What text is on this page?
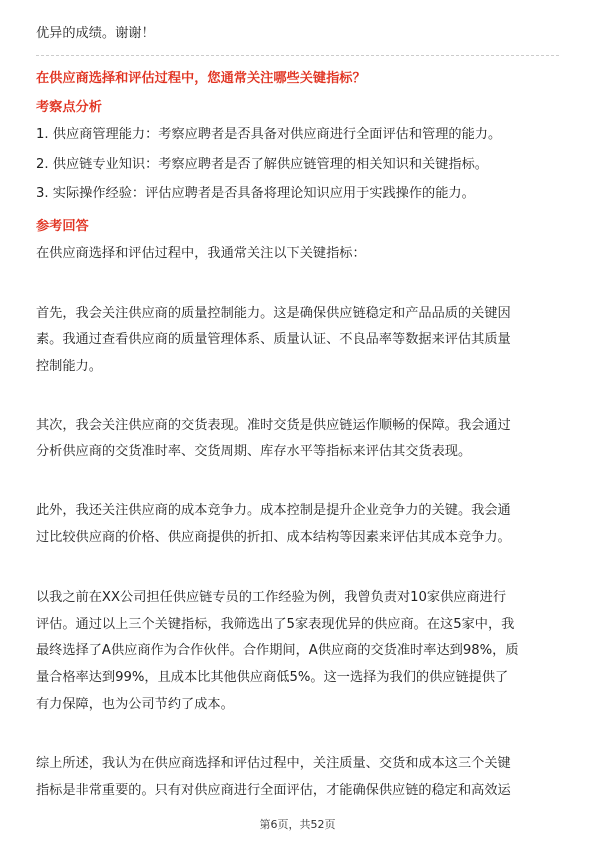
优异的成绩。谢谢！
在供应商选择和评估过程中，您通常关注哪些关键指标？
考察点分析
1. 供应商管理能力：考察应聘者是否具备对供应商进行全面评估和管理的能力。
2. 供应链专业知识：考察应聘者是否了解供应链管理的相关知识和关键指标。
3. 实际操作经验：评估应聘者是否具备将理论知识应用于实践操作的能力。
参考回答
在供应商选择和评估过程中，我通常关注以下关键指标：
首先，我会关注供应商的质量控制能力。这是确保供应链稳定和产品品质的关键因
素。我通过查看供应商的质量管理体系、质量认证、不良品率等数据来评估其质量
控制能力。
其次，我会关注供应商的交货表现。准时交货是供应链运作顺畅的保障。我会通过
分析供应商的交货准时率、交货周期、库存水平等指标来评估其交货表现。
此外，我还关注供应商的成本竞争力。成本控制是提升企业竞争力的关键。我会通
过比较供应商的价格、供应商提供的折扣、成本结构等因素来评估其成本竞争力。
以我之前在XX公司担任供应链专员的工作经验为例，我曾负责对10家供应商进行
评估。通过以上三个关键指标，我筛选出了5家表现优异的供应商。在这5家中，我
最终选择了A供应商作为合作伙伴。合作期间，A供应商的交货准时率达到98%，质
量合格率达到99%，且成本比其他供应商低5%。这一选择为我们的供应链提供了
有力保障，也为公司节约了成本。
综上所述，我认为在供应商选择和评估过程中，关注质量、交货和成本这三个关键
指标是非常重要的。只有对供应商进行全面评估，才能确保供应链的稳定和高效运
第6页，共52页
